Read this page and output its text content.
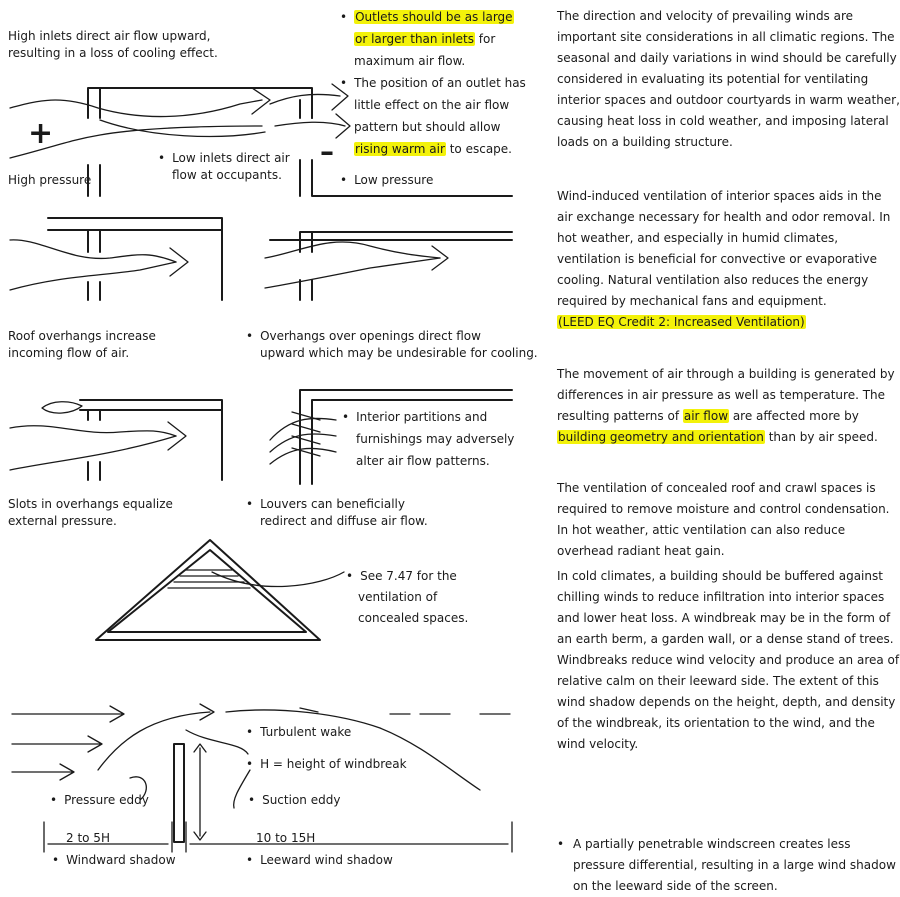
High inlets direct air flow upward,
resulting in a loss of cooling effect.
• Outlets should be as large
or larger than inlets for
maximum air flow.
• The position of an outlet has
little effect on the air flow
pattern but should allow
rising warm air to escape.
+
–
• Low inlets direct air
flow at occupants.
High pressure	• Low pressure
Roof overhangs increase
incoming flow of air.
• Overhangs over openings direct flow
upward which may be undesirable for cooling.
• Interior partitions and
furnishings may adversely
alter air flow patterns.
Slots in overhangs equalize
external pressure.
• Louvers can beneficially
redirect and diffuse air flow.
• See 7.47 for the
ventilation of
concealed spaces.
• Turbulent wake
• H = height of windbreak
• Suction eddy
• Pressure eddy
2 to 5H	10 to 15H
• Windward shadow	• Leeward wind shadow
The direction and velocity of prevailing winds are important site considerations in all climatic regions. The seasonal and daily variations in wind should be carefully considered in evaluating its potential for ventilating interior spaces and outdoor courtyards in warm weather, causing heat loss in cold weather, and imposing lateral loads on a building structure.
Wind-induced ventilation of interior spaces aids in the air exchange necessary for health and odor removal. In hot weather, and especially in humid climates, ventilation is beneficial for convective or evaporative cooling. Natural ventilation also reduces the energy required by mechanical fans and equipment.
(LEED EQ Credit 2: Increased Ventilation)
The movement of air through a building is generated by differences in air pressure as well as temperature. The resulting patterns of air flow are affected more by building geometry and orientation than by air speed.
The ventilation of concealed roof and crawl spaces is required to remove moisture and control condensation. In hot weather, attic ventilation can also reduce overhead radiant heat gain.
In cold climates, a building should be buffered against chilling winds to reduce infiltration into interior spaces and lower heat loss. A windbreak may be in the form of an earth berm, a garden wall, or a dense stand of trees. Windbreaks reduce wind velocity and produce an area of relative calm on their leeward side. The extent of this wind shadow depends on the height, depth, and density of the windbreak, its orientation to the wind, and the wind velocity.
• A partially penetrable windscreen creates less pressure differential, resulting in a large wind shadow on the leeward side of the screen.
